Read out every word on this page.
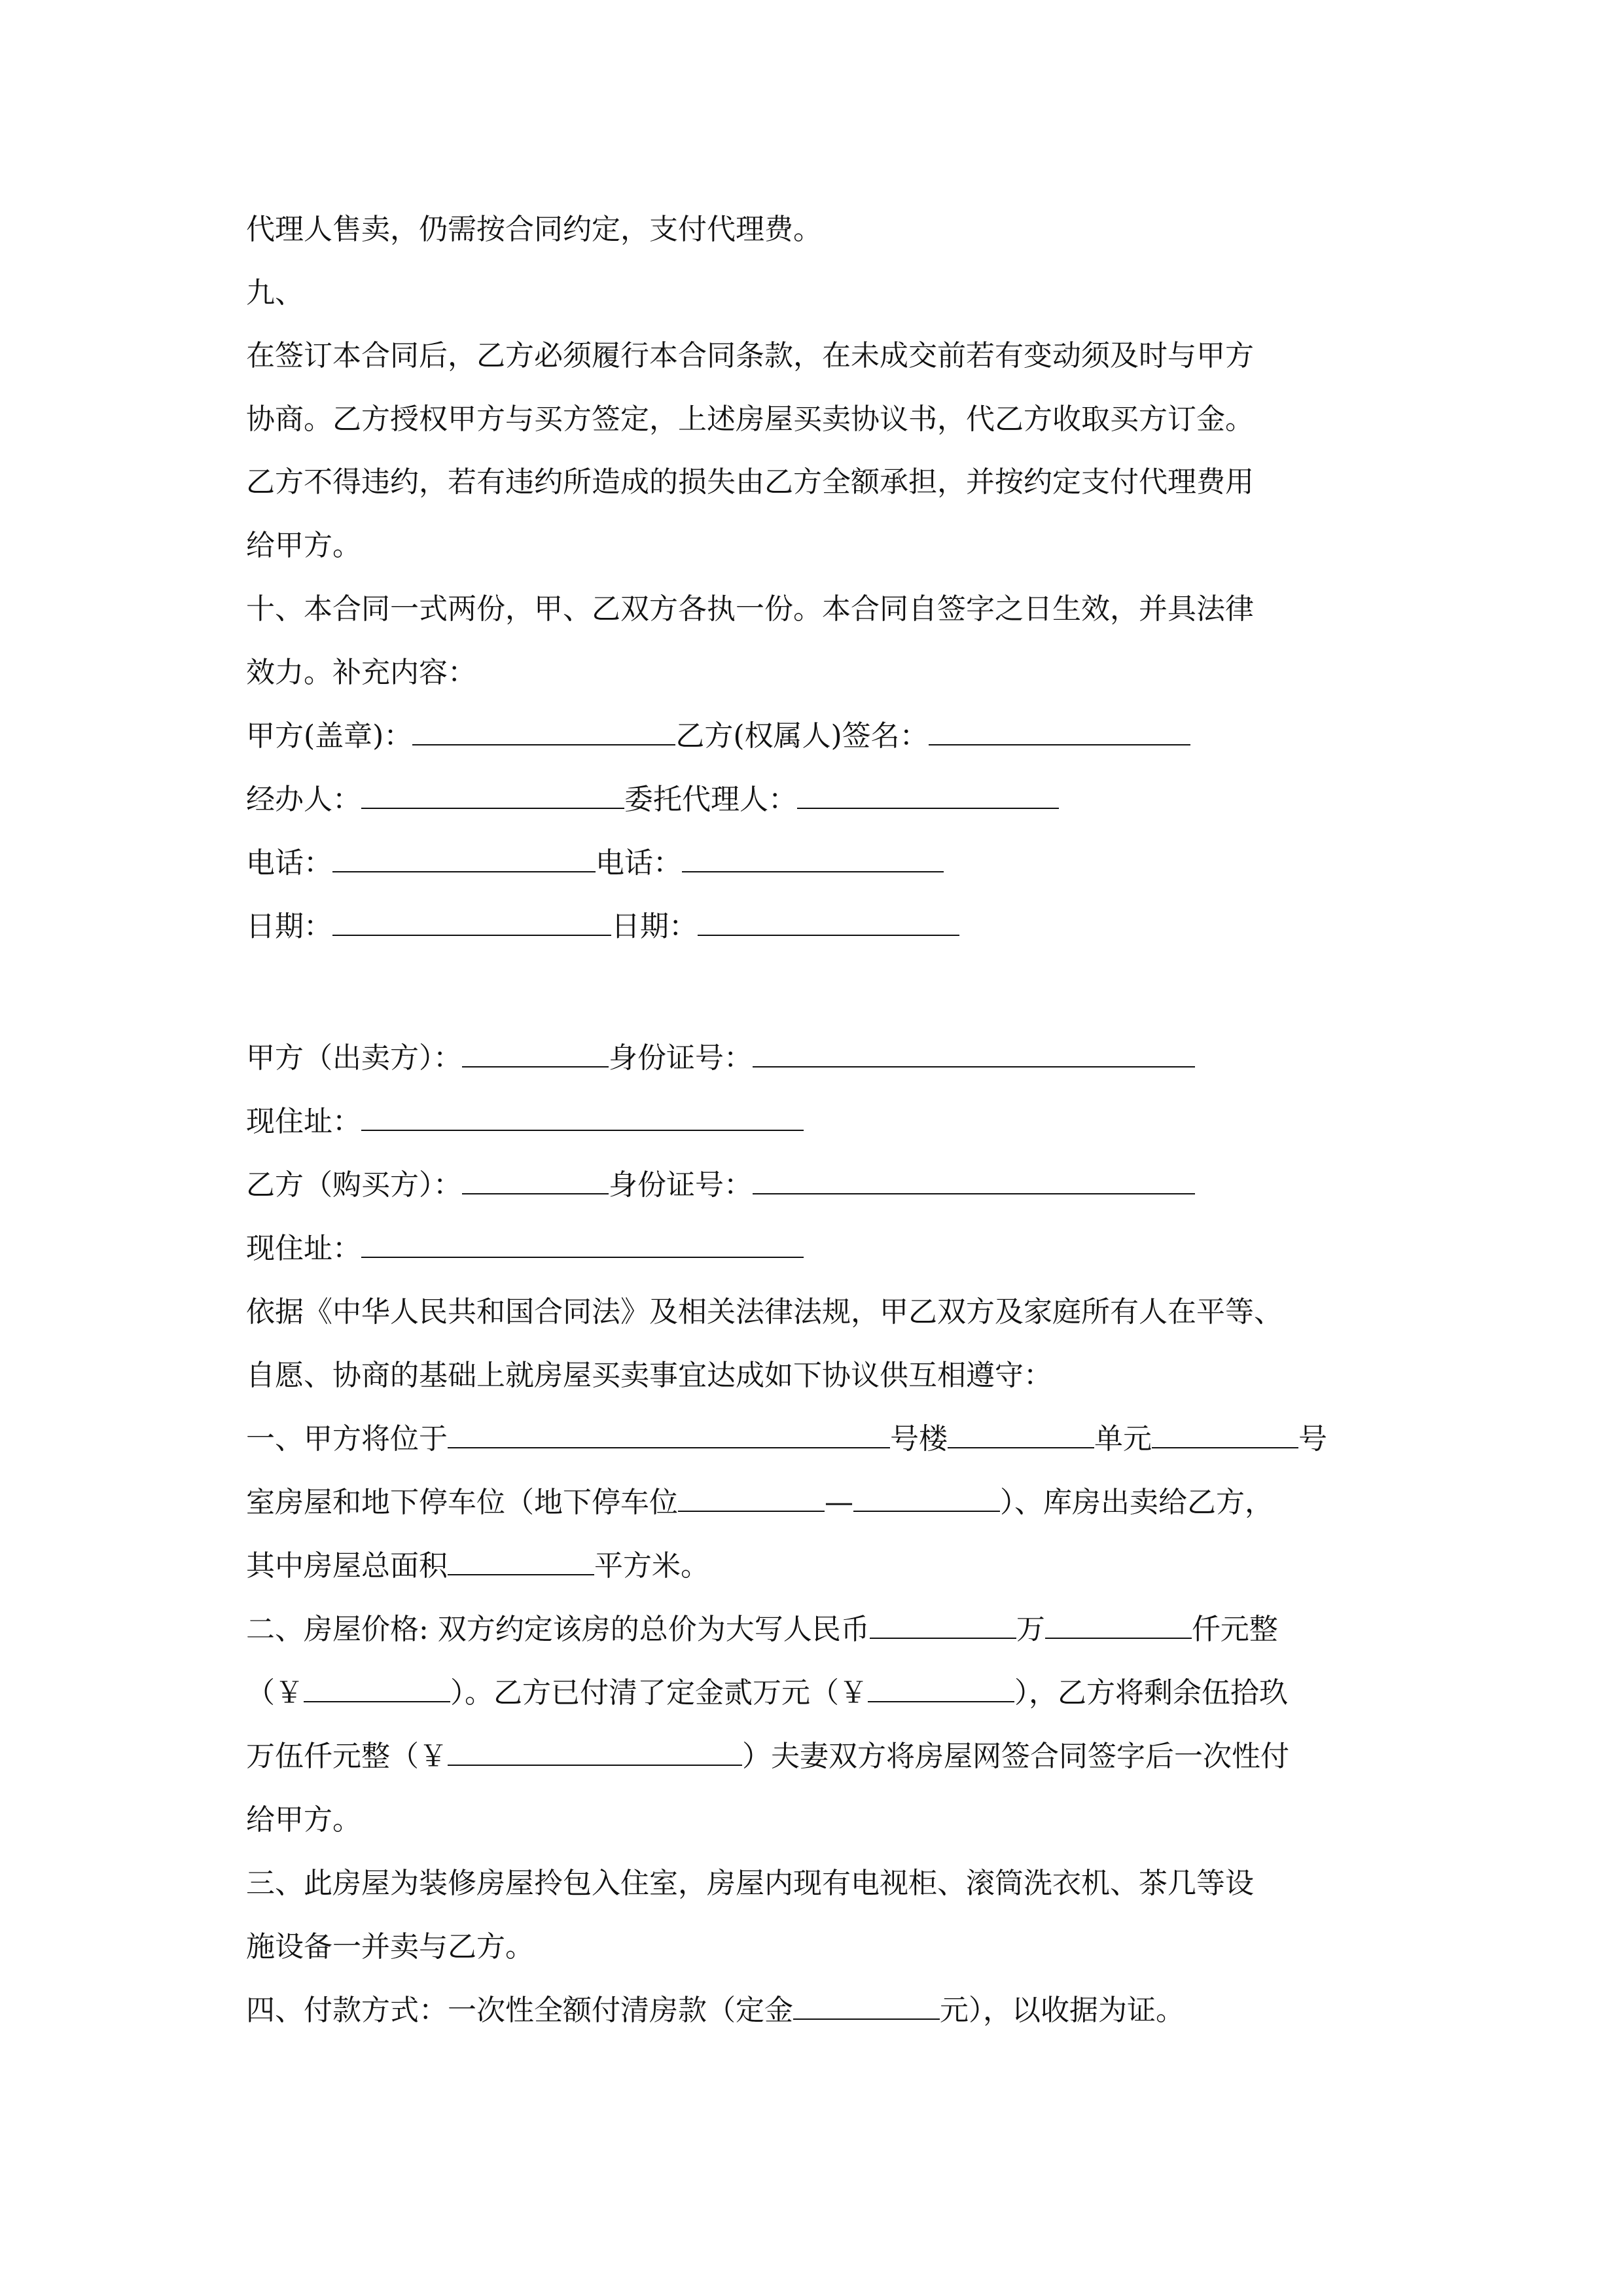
代理人售卖，仍需按合同约定，支付代理费。
九、
在签订本合同后，乙方必须履行本合同条款，在未成交前若有变动须及时与甲方
协商。乙方授权甲方与买方签定，上述房屋买卖协议书，代乙方收取买方订金。
乙方不得违约，若有违约所造成的损失由乙方全额承担，并按约定支付代理费用
给甲方。
十、本合同一式两份，甲、乙双方各执一份。本合同自签字之日生效，并具法律
效力。补充内容：
甲方(盖章)：	乙方(权属人)签名：
经办人：	委托代理人：
电话：	电话：
日期：	日期：
甲方（出卖方）：	身份证号：
现住址：
乙方（购买方）：	身份证号：
现住址：
依据《中华人民共和国合同法》及相关法律法规，甲乙双方及家庭所有人在平等、
自愿、协商的基础上就房屋买卖事宜达成如下协议供互相遵守：
一、甲方将位于	号楼	单元	号
室房屋和地下停车位（地下停车位	—	）、库房出卖给乙方，
其中房屋总面积	平方米。
二、房屋价格: 双方约定该房的总价为大写人民币	万	仟元整
（￥	）。乙方已付清了定金贰万元（￥	），乙方将剩余伍拾玖
万伍仟元整（￥	）夫妻双方将房屋网签合同签字后一次性付
给甲方。
三、此房屋为装修房屋拎包入住室，房屋内现有电视柜、滚筒洗衣机、茶几等设
施设备一并卖与乙方。
四、付款方式：一次性全额付清房款（定金	元），以收据为证。
